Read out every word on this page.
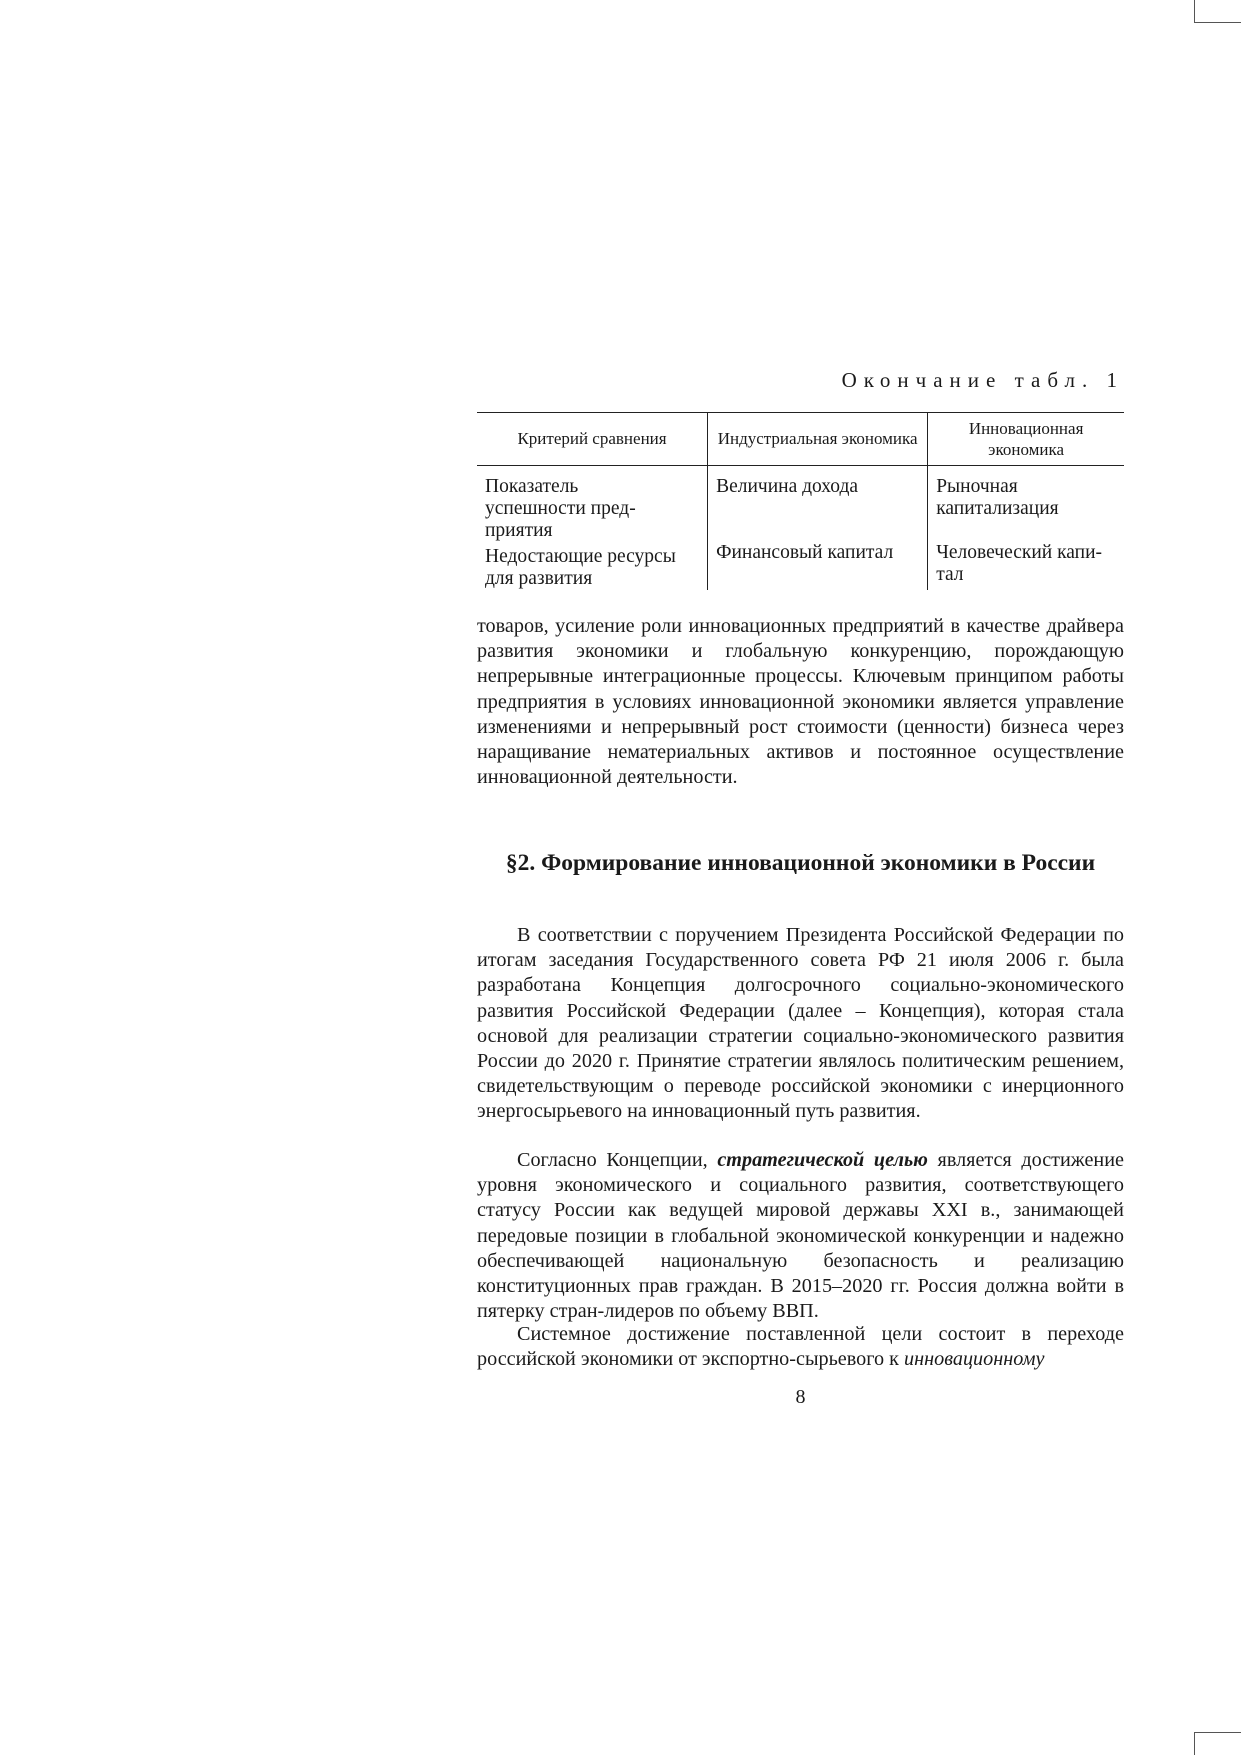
Окончание табл. 1

Критерий сравнения	Индустриальная экономика	Инновационная экономика
Показатель успешности предприятия	Величина дохода	Рыночная капитализация
Недостающие ресурсы для развития	Финансовый капитал	Человеческий капитал

товаров, усиление роли инновационных предприятий в качестве драйвера развития экономики и глобальную конкуренцию, порождающую непрерывные интеграционные процессы. Ключевым принципом работы предприятия в условиях инновационной экономики является управление изменениями и непрерывный рост стоимости (ценности) бизнеса через наращивание нематериальных активов и постоянное осуществление инновационной деятельности.

§2. Формирование инновационной экономики в России

В соответствии с поручением Президента Российской Федерации по итогам заседания Государственного совета РФ 21 июля 2006 г. была разработана Концепция долгосрочного социально-экономического развития Российской Федерации (далее – Концепция), которая стала основой для реализации стратегии социально-экономического развития России до 2020 г. Принятие стратегии являлось политическим решением, свидетельствующим о переводе российской экономики с инерционного энергосырьевого на инновационный путь развития.

Согласно Концепции, стратегической целью является достижение уровня экономического и социального развития, соответствующего статусу России как ведущей мировой державы XXI в., занимающей передовые позиции в глобальной экономической конкуренции и надежно обеспечивающей национальную безопасность и реализацию конституционных прав граждан. В 2015–2020 гг. Россия должна войти в пятерку стран-лидеров по объему ВВП.

Системное достижение поставленной цели состоит в переходе российской экономики от экспортно-сырьевого к инновационному

8
